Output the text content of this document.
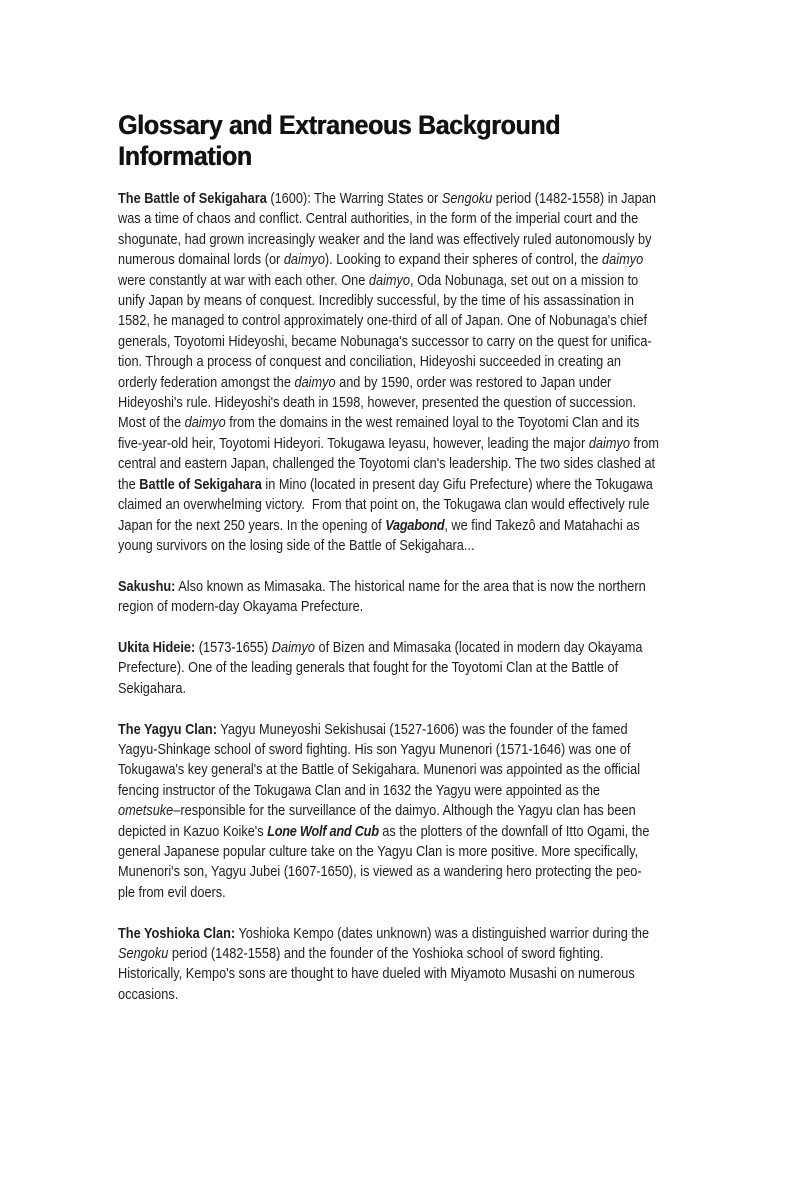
Glossary and Extraneous Background
Information
The Battle of Sekigahara (1600): The Warring States or Sengoku period (1482-1558) in Japan
was a time of chaos and conflict. Central authorities, in the form of the imperial court and the
shogunate, had grown increasingly weaker and the land was effectively ruled autonomously by
numerous domainal lords (or daimyo). Looking to expand their spheres of control, the daimyo
were constantly at war with each other. One daimyo, Oda Nobunaga, set out on a mission to
unify Japan by means of conquest. Incredibly successful, by the time of his assassination in
1582, he managed to control approximately one-third of all of Japan. One of Nobunaga's chief
generals, Toyotomi Hideyoshi, became Nobunaga's successor to carry on the quest for unifica-
tion. Through a process of conquest and conciliation, Hideyoshi succeeded in creating an
orderly federation amongst the daimyo and by 1590, order was restored to Japan under
Hideyoshi's rule. Hideyoshi's death in 1598, however, presented the question of succession.
Most of the daimyo from the domains in the west remained loyal to the Toyotomi Clan and its
five-year-old heir, Toyotomi Hideyori. Tokugawa Ieyasu, however, leading the major daimyo from
central and eastern Japan, challenged the Toyotomi clan's leadership. The two sides clashed at
the Battle of Sekigahara in Mino (located in present day Gifu Prefecture) where the Tokugawa
claimed an overwhelming victory.  From that point on, the Tokugawa clan would effectively rule
Japan for the next 250 years. In the opening of Vagabond, we find Takezô and Matahachi as
young survivors on the losing side of the Battle of Sekigahara...
Sakushu: Also known as Mimasaka. The historical name for the area that is now the northern
region of modern-day Okayama Prefecture.
Ukita Hideie: (1573-1655) Daimyo of Bizen and Mimasaka (located in modern day Okayama
Prefecture). One of the leading generals that fought for the Toyotomi Clan at the Battle of
Sekigahara.
The Yagyu Clan: Yagyu Muneyoshi Sekishusai (1527-1606) was the founder of the famed
Yagyu-Shinkage school of sword fighting. His son Yagyu Munenori (1571-1646) was one of
Tokugawa's key general's at the Battle of Sekigahara. Munenori was appointed as the official
fencing instructor of the Tokugawa Clan and in 1632 the Yagyu were appointed as the
ometsuke–responsible for the surveillance of the daimyo. Although the Yagyu clan has been
depicted in Kazuo Koike's Lone Wolf and Cub as the plotters of the downfall of Itto Ogami, the
general Japanese popular culture take on the Yagyu Clan is more positive. More specifically,
Munenori's son, Yagyu Jubei (1607-1650), is viewed as a wandering hero protecting the peo-
ple from evil doers.
The Yoshioka Clan: Yoshioka Kempo (dates unknown) was a distinguished warrior during the
Sengoku period (1482-1558) and the founder of the Yoshioka school of sword fighting.
Historically, Kempo's sons are thought to have dueled with Miyamoto Musashi on numerous
occasions.
